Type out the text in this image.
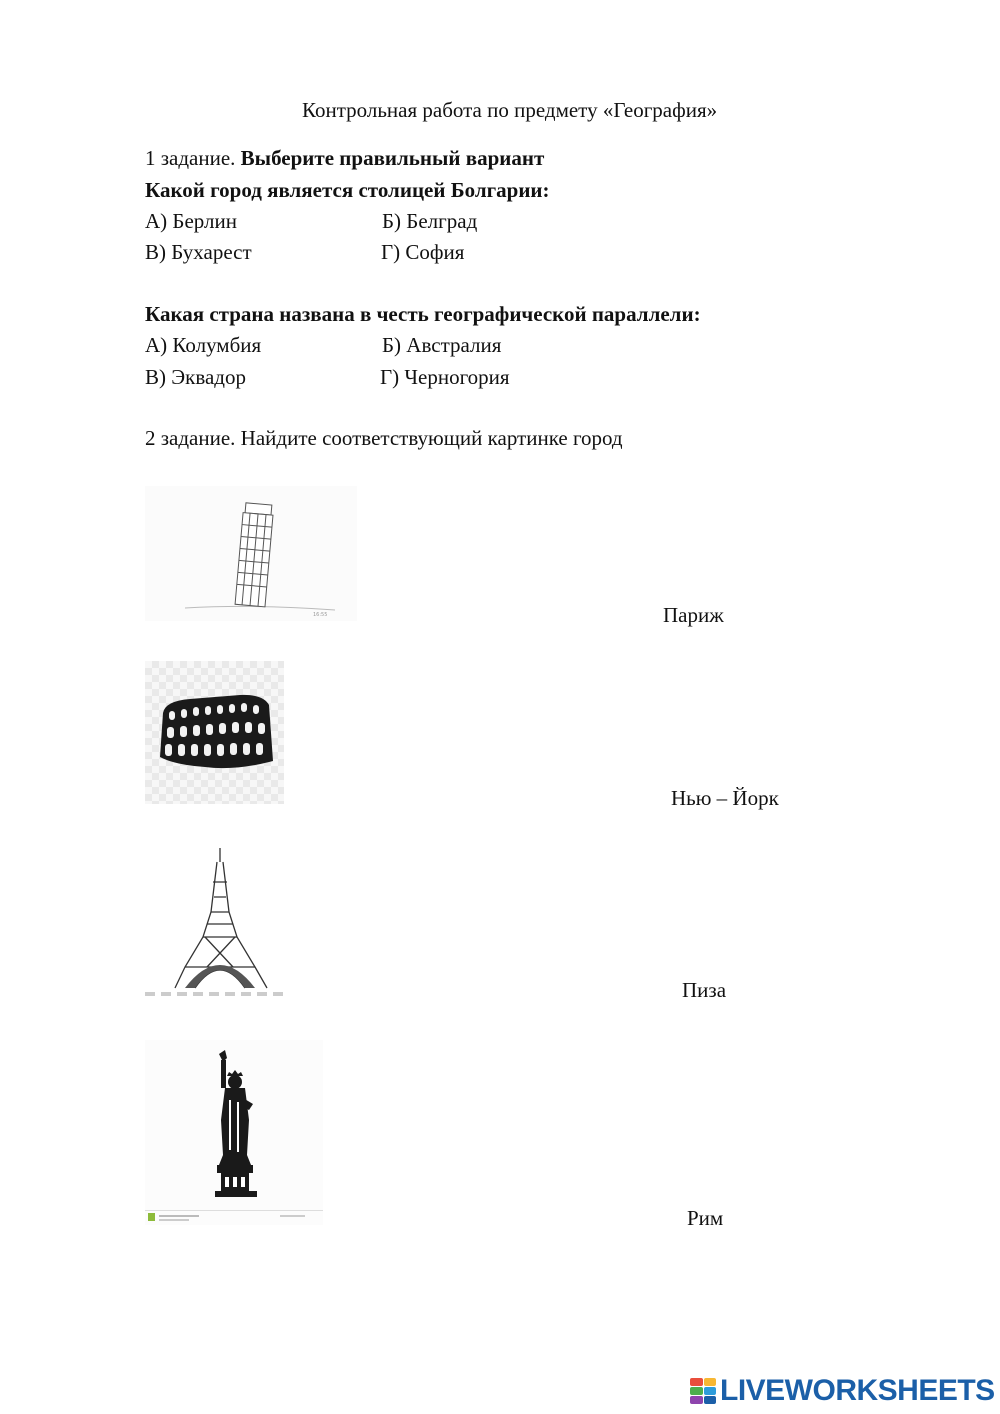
Контрольная работа по предмету «География»
1 задание. Выберите правильный вариант
Какой город является столицей Болгарии:
А) Берлин	Б) Белград
В) Бухарест	Г) София
Какая страна названа в честь географической параллели:
А) Колумбия	Б) Австралия
В) Эквадор	Г) Черногория
2 задание. Найдите соответствующий картинке город
16:55	Париж
Нью – Йорк
Пиза
Рим
LIVEWORKSHEETS
